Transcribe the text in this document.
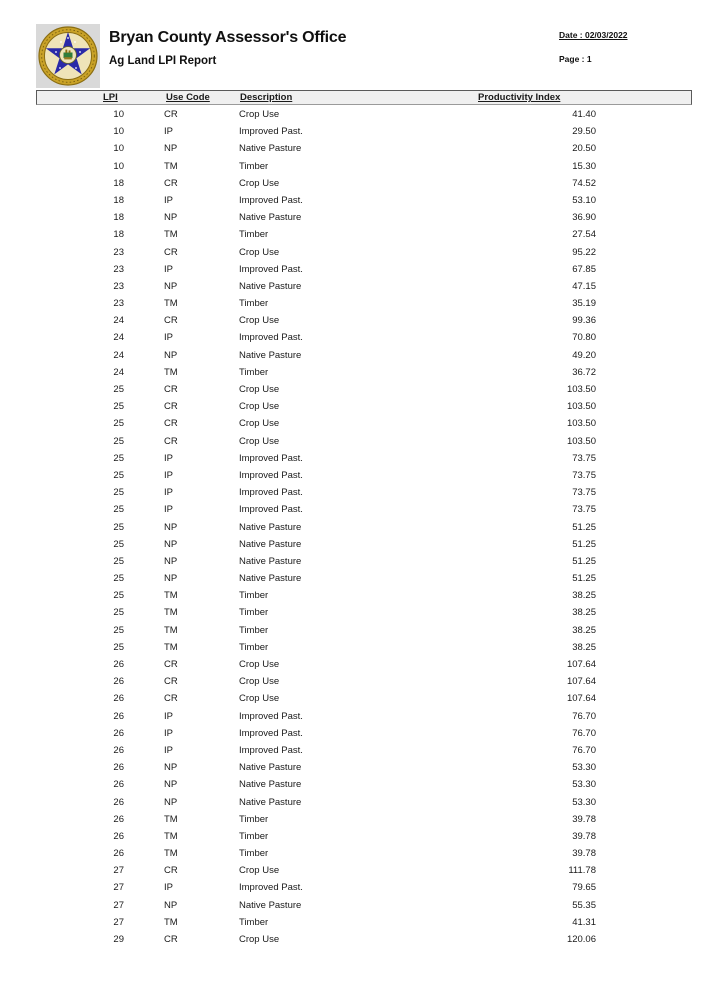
Bryan County Assessor's Office
Ag Land LPI Report
Date : 02/03/2022
Page : 1
LPI	Use Code	Description	Productivity Index
10	CR	Crop Use	41.40
10	IP	Improved Past.	29.50
10	NP	Native Pasture	20.50
10	TM	Timber	15.30
18	CR	Crop Use	74.52
18	IP	Improved Past.	53.10
18	NP	Native Pasture	36.90
18	TM	Timber	27.54
23	CR	Crop Use	95.22
23	IP	Improved Past.	67.85
23	NP	Native Pasture	47.15
23	TM	Timber	35.19
24	CR	Crop Use	99.36
24	IP	Improved Past.	70.80
24	NP	Native Pasture	49.20
24	TM	Timber	36.72
25	CR	Crop Use	103.50
25	CR	Crop Use	103.50
25	CR	Crop Use	103.50
25	CR	Crop Use	103.50
25	IP	Improved Past.	73.75
25	IP	Improved Past.	73.75
25	IP	Improved Past.	73.75
25	IP	Improved Past.	73.75
25	NP	Native Pasture	51.25
25	NP	Native Pasture	51.25
25	NP	Native Pasture	51.25
25	NP	Native Pasture	51.25
25	TM	Timber	38.25
25	TM	Timber	38.25
25	TM	Timber	38.25
25	TM	Timber	38.25
26	CR	Crop Use	107.64
26	CR	Crop Use	107.64
26	CR	Crop Use	107.64
26	IP	Improved Past.	76.70
26	IP	Improved Past.	76.70
26	IP	Improved Past.	76.70
26	NP	Native Pasture	53.30
26	NP	Native Pasture	53.30
26	NP	Native Pasture	53.30
26	TM	Timber	39.78
26	TM	Timber	39.78
26	TM	Timber	39.78
27	CR	Crop Use	111.78
27	IP	Improved Past.	79.65
27	NP	Native Pasture	55.35
27	TM	Timber	41.31
29	CR	Crop Use	120.06
